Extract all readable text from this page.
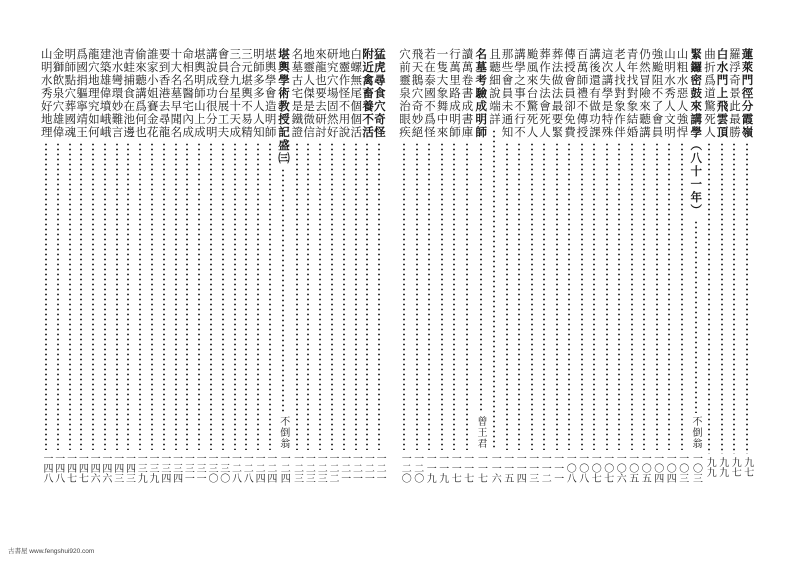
蓮萊門徑分霞嶺
九七
羅浮奇景此最勝
九七
白水門上飛雲頂
九九
曲折爲道驚死人
九九
緊鑼密鼓來講學（八十一年）
不倒翁
一〇三
山粗水惡人強悍
一〇三
山明水秀人文明
一〇四
強颱阻不了會員
一〇四
仍然冒險來聽講
一〇五
青年找對象結婚
一〇五
老人找對象作伴
一〇六
這次講學是特殊
一〇七
講後還有做功課
一〇七
百萬師禮不傳授
一〇八
傳授會員卻免費
一〇八
葬法做法最要緊
一一一
葬作失法會死人
一一二
颱風來台驚死人
一一三
講學之事不行不
一一四
那些會員未通知
一一五
且聽細說端詳
一一六
名墓考驗成明師
曾王君
一一七
讀萬卷書成書庫
一一七
行萬里路成明師
一一七
一隻大象舞中來
一一九
若在泰國不爲怪
一一九
飛天鵝穴奇妙絕
一二〇
穴前靈泉治眼疾
一二〇
猛虎尋食穴奇怪
一二一
附近禽畜養不活
一二一
白螺無尾個個活
一二一
地靈作怪不用說
一二一
研究穴場固然好
一二二
來龍也要去研討
一二三
地靈人傑是微信
一二三
名墓古宅是鐵證
一二三
堪輿學術教授記盛㈢
不倒翁
一二四
堪輿學會造明師
一二四
明師多多人人知
一二四
三元堪輿不易精
一二八
三合九星十天成
一二八
會員登台展工夫
一三〇
講說成功很分明
一三〇
堪輿明師山上成
一三一
命相名醫宅內成
一三一
十大名墓早聞名
一三四
要到香港去尋龍
一三四
誰家小姐賽金花
一三九
偷來聽講爲何也
一三九
青蛙捕食在池邊
一四三
池水彎環妙難言
一四三
建築雄偉墳峨峨
一四六
龍穴地理究如何
一四六
爲國捐軀寧靖王
一四七
明師點穴葬國魂
一四七
金獅飲泉穴雄偉
一四八
山明水秀好地理
一四八
古書屋 www.fengshui920.com
